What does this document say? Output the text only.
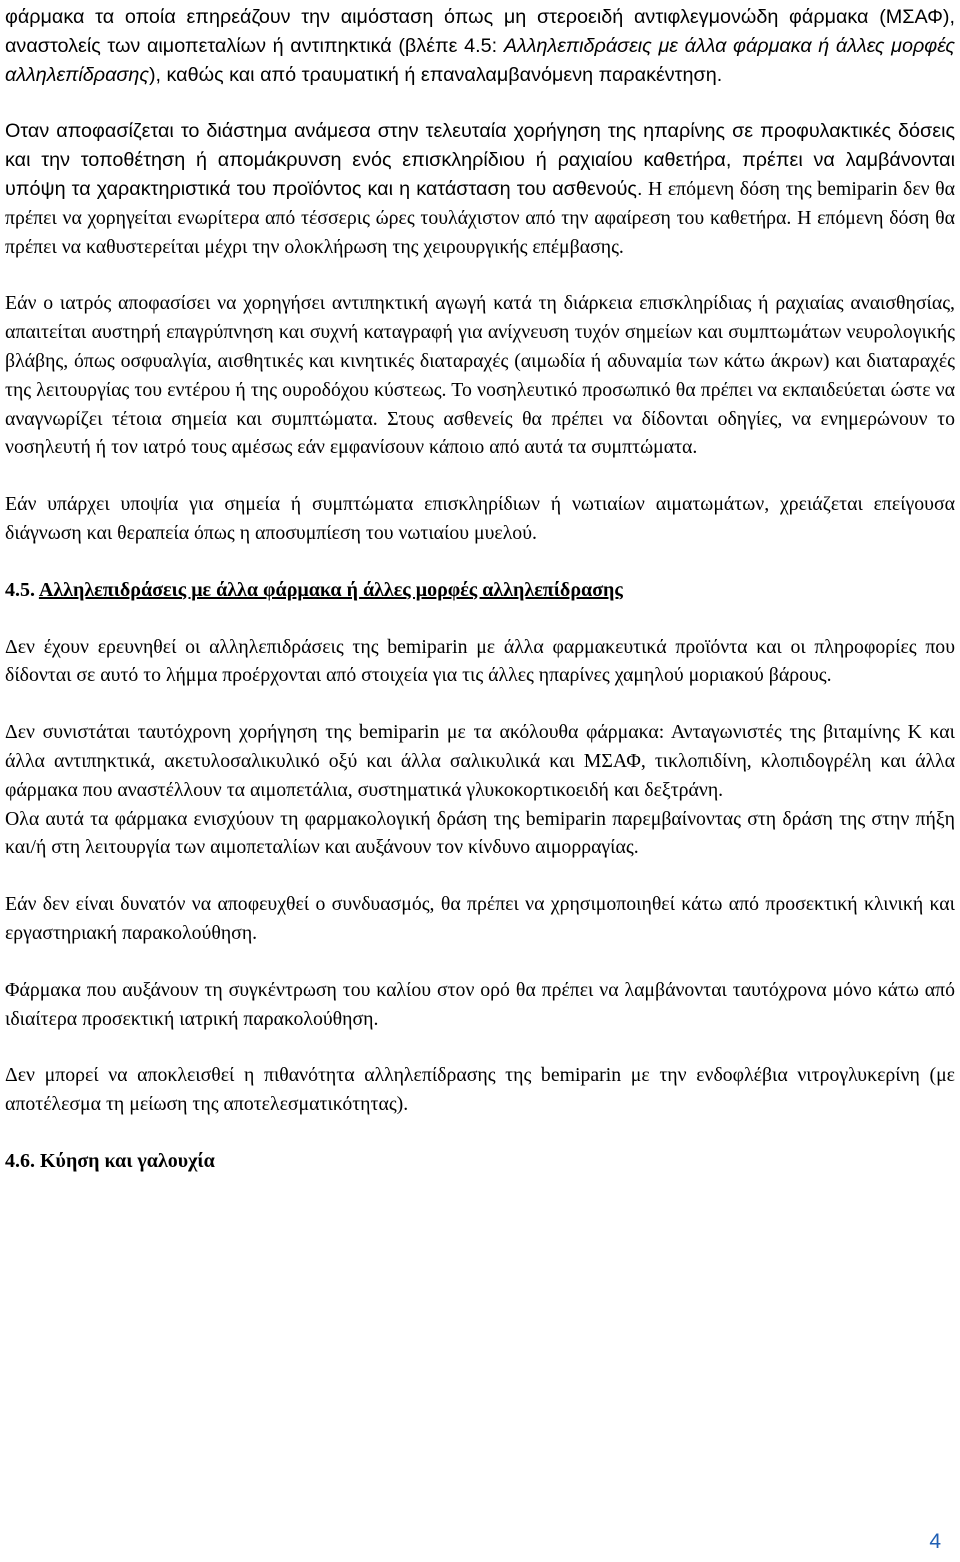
φάρμακα τα οποία επηρεάζουν την αιμόσταση όπως μη στεροειδή αντιφλεγμονώδη φάρμακα (ΜΣΑΦ), αναστολείς των αιμοπεταλίων ή αντιπηκτικά (βλέπε 4.5: Αλληλεπιδράσεις με άλλα φάρμακα ή άλλες μορφές αλληλεπίδρασης), καθώς και από τραυματική ή επαναλαμβανόμενη παρακέντηση.

Οταν αποφασίζεται το διάστημα ανάμεσα στην τελευταία χορήγηση της ηπαρίνης σε προφυλακτικές δόσεις και την τοποθέτηση ή απομάκρυνση ενός επισκληρίδιου ή ραχιαίου καθετήρα, πρέπει να λαμβάνονται υπόψη τα χαρακτηριστικά του προϊόντος και η κατάσταση του ασθενούς. Η επόμενη δόση της bemiparin δεν θα πρέπει να χορηγείται ενωρίτερα από τέσσερις ώρες τουλάχιστον από την αφαίρεση του καθετήρα. Η επόμενη δόση θα πρέπει να καθυστερείται μέχρι την ολοκλήρωση της χειρουργικής επέμβασης.

Εάν ο ιατρός αποφασίσει να χορηγήσει αντιπηκτική αγωγή κατά τη διάρκεια επισκληρίδιας ή ραχιαίας αναισθησίας, απαιτείται αυστηρή επαγρύπνηση και συχνή καταγραφή για ανίχνευση τυχόν σημείων και συμπτωμάτων νευρολογικής βλάβης, όπως οσφυαλγία, αισθητικές και κινητικές διαταραχές (αιμωδία ή αδυναμία των κάτω άκρων) και διαταραχές της λειτουργίας του εντέρου ή της ουροδόχου κύστεως. Το νοσηλευτικό προσωπικό θα πρέπει να εκπαιδεύεται ώστε να αναγνωρίζει τέτοια σημεία και συμπτώματα. Στους ασθενείς θα πρέπει να δίδονται οδηγίες, να ενημερώνουν το νοσηλευτή ή τον ιατρό τους αμέσως εάν εμφανίσουν κάποιο από αυτά τα συμπτώματα.

Εάν υπάρχει υποψία για σημεία ή συμπτώματα επισκληρίδιων ή νωτιαίων αιματωμάτων, χρειάζεται επείγουσα διάγνωση και θεραπεία όπως η αποσυμπίεση του νωτιαίου μυελού.

4.5. Αλληλεπιδράσεις με άλλα φάρμακα ή άλλες μορφές αλληλεπίδρασης

Δεν έχουν ερευνηθεί οι αλληλεπιδράσεις της bemiparin με άλλα φαρμακευτικά προϊόντα και οι πληροφορίες που δίδονται σε αυτό το λήμμα προέρχονται από στοιχεία για τις άλλες ηπαρίνες χαμηλού μοριακού βάρους.

Δεν συνιστάται ταυτόχρονη χορήγηση της bemiparin με τα ακόλουθα φάρμακα: Ανταγωνιστές της βιταμίνης Κ και άλλα αντιπηκτικά, ακετυλοσαλικυλικό οξύ και άλλα σαλικυλικά και ΜΣΑΦ, τικλοπιδίνη, κλοπιδογρέλη και άλλα φάρμακα που αναστέλλουν τα αιμοπετάλια, συστηματικά γλυκοκορτικοειδή και δεξτράνη.

Ολα αυτά τα φάρμακα ενισχύουν τη φαρμακολογική δράση της bemiparin παρεμβαίνοντας στη δράση της στην πήξη και/ή στη λειτουργία των αιμοπεταλίων και αυξάνουν τον κίνδυνο αιμορραγίας.

Εάν δεν είναι δυνατόν να αποφευχθεί ο συνδυασμός, θα πρέπει να χρησιμοποιηθεί κάτω από προσεκτική κλινική και εργαστηριακή παρακολούθηση.

Φάρμακα που αυξάνουν τη συγκέντρωση του καλίου στον ορό θα πρέπει να λαμβάνονται ταυτόχρονα μόνο κάτω από ιδιαίτερα προσεκτική ιατρική παρακολούθηση.

Δεν μπορεί να αποκλεισθεί η πιθανότητα αλληλεπίδρασης της bemiparin με την ενδοφλέβια νιτρογλυκερίνη (με αποτέλεσμα τη μείωση της αποτελεσματικότητας).

4.6. Κύηση και γαλουχία

4
